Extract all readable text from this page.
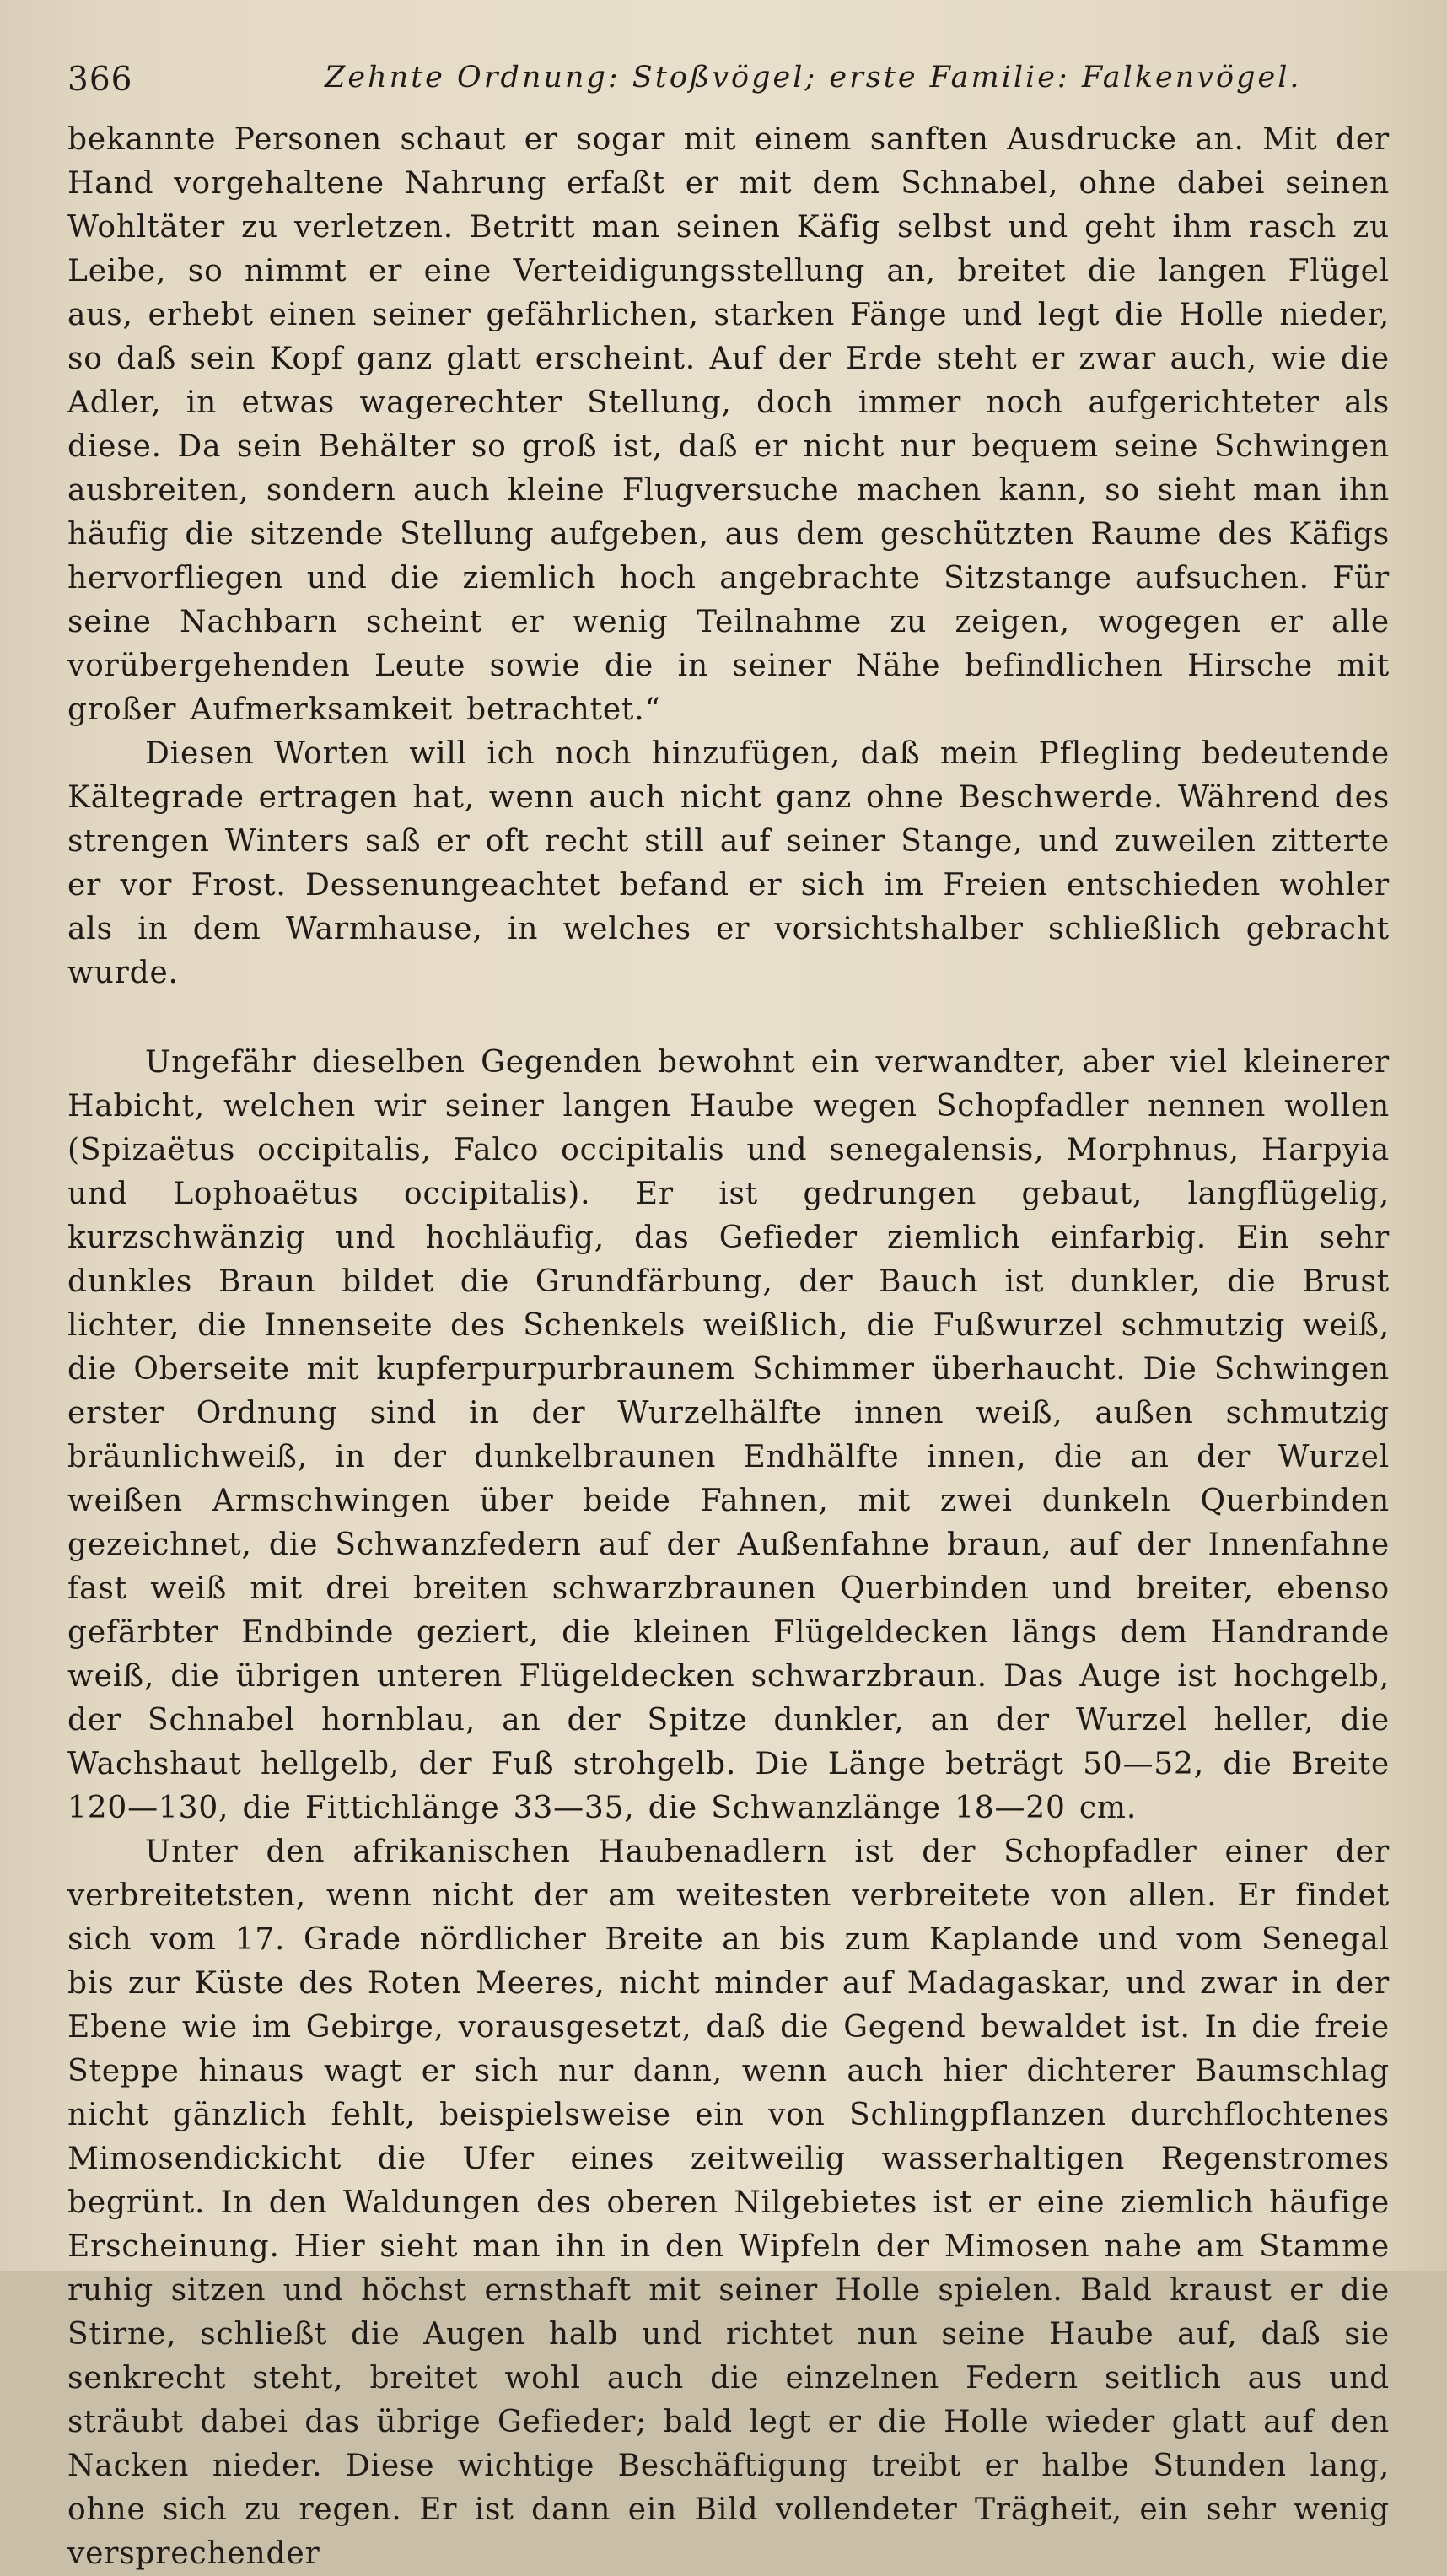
366	Zehnte Ordnung: Stoßvögel; erste Familie: Falkenvögel.

bekannte Personen schaut er sogar mit einem sanften Ausdrucke an. Mit der Hand vorgehaltene Nahrung erfaßt er mit dem Schnabel, ohne dabei seinen Wohltäter zu verletzen. Betritt man seinen Käfig selbst und geht ihm rasch zu Leibe, so nimmt er eine Verteidigungsstellung an, breitet die langen Flügel aus, erhebt einen seiner gefährlichen, starken Fänge und legt die Holle nieder, so daß sein Kopf ganz glatt erscheint. Auf der Erde steht er zwar auch, wie die Adler, in etwas wagerechter Stellung, doch immer noch aufgerichteter als diese. Da sein Behälter so groß ist, daß er nicht nur bequem seine Schwingen ausbreiten, sondern auch kleine Flugversuche machen kann, so sieht man ihn häufig die sitzende Stellung aufgeben, aus dem geschützten Raume des Käfigs hervorfliegen und die ziemlich hoch angebrachte Sitzstange aufsuchen. Für seine Nachbarn scheint er wenig Teilnahme zu zeigen, wogegen er alle vorübergehenden Leute sowie die in seiner Nähe befindlichen Hirsche mit großer Aufmerksamkeit betrachtet.“

Diesen Worten will ich noch hinzufügen, daß mein Pflegling bedeutende Kältegrade ertragen hat, wenn auch nicht ganz ohne Beschwerde. Während des strengen Winters saß er oft recht still auf seiner Stange, und zuweilen zitterte er vor Frost. Dessenungeachtet befand er sich im Freien entschieden wohler als in dem Warmhause, in welches er vorsichtshalber schließlich gebracht wurde.

Ungefähr dieselben Gegenden bewohnt ein verwandter, aber viel kleinerer Habicht, welchen wir seiner langen Haube wegen Schopfadler nennen wollen (Spizaëtus occipitalis, Falco occipitalis und senegalensis, Morphnus, Harpyia und Lophoaëtus occipitalis). Er ist gedrungen gebaut, langflügelig, kurzschwänzig und hochläufig, das Gefieder ziemlich einfarbig. Ein sehr dunkles Braun bildet die Grundfärbung, der Bauch ist dunkler, die Brust lichter, die Innenseite des Schenkels weißlich, die Fußwurzel schmutzig weiß, die Oberseite mit kupferpurpurbraunem Schimmer überhaucht. Die Schwingen erster Ordnung sind in der Wurzelhälfte innen weiß, außen schmutzig bräunlichweiß, in der dunkelbraunen Endhälfte innen, die an der Wurzel weißen Armschwingen über beide Fahnen, mit zwei dunkeln Querbinden gezeichnet, die Schwanzfedern auf der Außenfahne braun, auf der Innenfahne fast weiß mit drei breiten schwarzbraunen Querbinden und breiter, ebenso gefärbter Endbinde geziert, die kleinen Flügeldecken längs dem Handrande weiß, die übrigen unteren Flügeldecken schwarzbraun. Das Auge ist hochgelb, der Schnabel hornblau, an der Spitze dunkler, an der Wurzel heller, die Wachshaut hellgelb, der Fuß strohgelb. Die Länge beträgt 50—52, die Breite 120—130, die Fittichlänge 33—35, die Schwanzlänge 18—20 cm.

Unter den afrikanischen Haubenadlern ist der Schopfadler einer der verbreitetsten, wenn nicht der am weitesten verbreitete von allen. Er findet sich vom 17. Grade nördlicher Breite an bis zum Kaplande und vom Senegal bis zur Küste des Roten Meeres, nicht minder auf Madagaskar, und zwar in der Ebene wie im Gebirge, vorausgesetzt, daß die Gegend bewaldet ist. In die freie Steppe hinaus wagt er sich nur dann, wenn auch hier dichterer Baumschlag nicht gänzlich fehlt, beispielsweise ein von Schlingpflanzen durchflochtenes Mimosendickicht die Ufer eines zeitweilig wasserhaltigen Regenstromes begrünt. In den Waldungen des oberen Nilgebietes ist er eine ziemlich häufige Erscheinung. Hier sieht man ihn in den Wipfeln der Mimosen nahe am Stamme ruhig sitzen und höchst ernsthaft mit seiner Holle spielen. Bald kraust er die Stirne, schließt die Augen halb und richtet nun seine Haube auf, daß sie senkrecht steht, breitet wohl auch die einzelnen Federn seitlich aus und sträubt dabei das übrige Gefieder; bald legt er die Holle wieder glatt auf den Nacken nieder. Diese wichtige Beschäftigung treibt er halbe Stunden lang, ohne sich zu regen. Er ist dann ein Bild vollendeter Trägheit, ein sehr wenig versprechender
